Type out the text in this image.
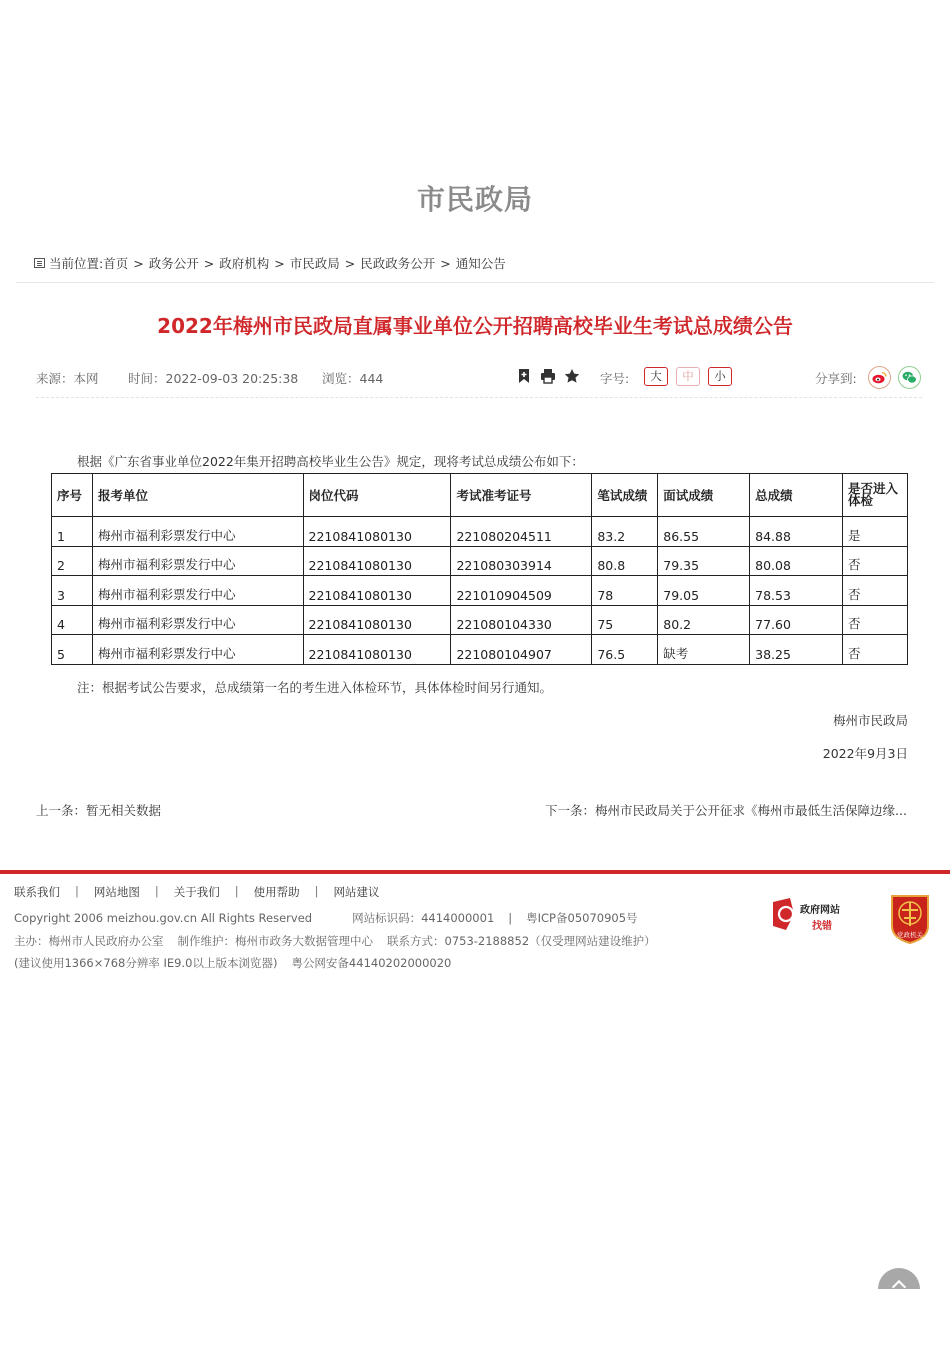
市民政局
当前位置: 首页 > 政务公开 > 政府机构 > 市民政局 > 民政政务公开 > 通知公告
2022年梅州市民政局直属事业单位公开招聘高校毕业生考试总成绩公告
来源：本网 时间：2022-09-03 20:25:38 浏览：444	字号:	大	中	小	分享到:

根据《广东省事业单位2022年集开招聘高校毕业生公告》规定，现将考试总成绩公布如下：

序号	报考单位	岗位代码	考试准考证号	笔试成绩	面试成绩	总成绩	是否进入体检
1	梅州市福利彩票发行中心	2210841080130	221080204511	83.2	86.55	84.88	是
2	梅州市福利彩票发行中心	2210841080130	221080303914	80.8	79.35	80.08	否
3	梅州市福利彩票发行中心	2210841080130	221010904509	78	79.05	78.53	否
4	梅州市福利彩票发行中心	2210841080130	221080104330	75	80.2	77.60	否
5	梅州市福利彩票发行中心	2210841080130	221080104907	76.5	缺考	38.25	否

注：根据考试公告要求，总成绩第一名的考生进入体检环节，具体体检时间另行通知。

梅州市民政局

2022年9月3日

上一条：暂无相关数据	下一条：梅州市民政局关于公开征求《梅州市最低生活保障边缘...
联系我们 | 网站地图 | 关于我们 | 使用帮助 | 网站建议
Copyright 2006 meizhou.gov.cn All Rights Reserved	网站标识码：4414000001 | 粤ICP备05070905号
主办：梅州市人民政府办公室 制作维护：梅州市政务大数据管理中心 联系方式：0753-2188852（仅受理网站建设维护）
(建议使用1366×768分辨率 IE9.0以上版本浏览器) 粤公网安备44140202000020
政府网站
找错
党政机关
